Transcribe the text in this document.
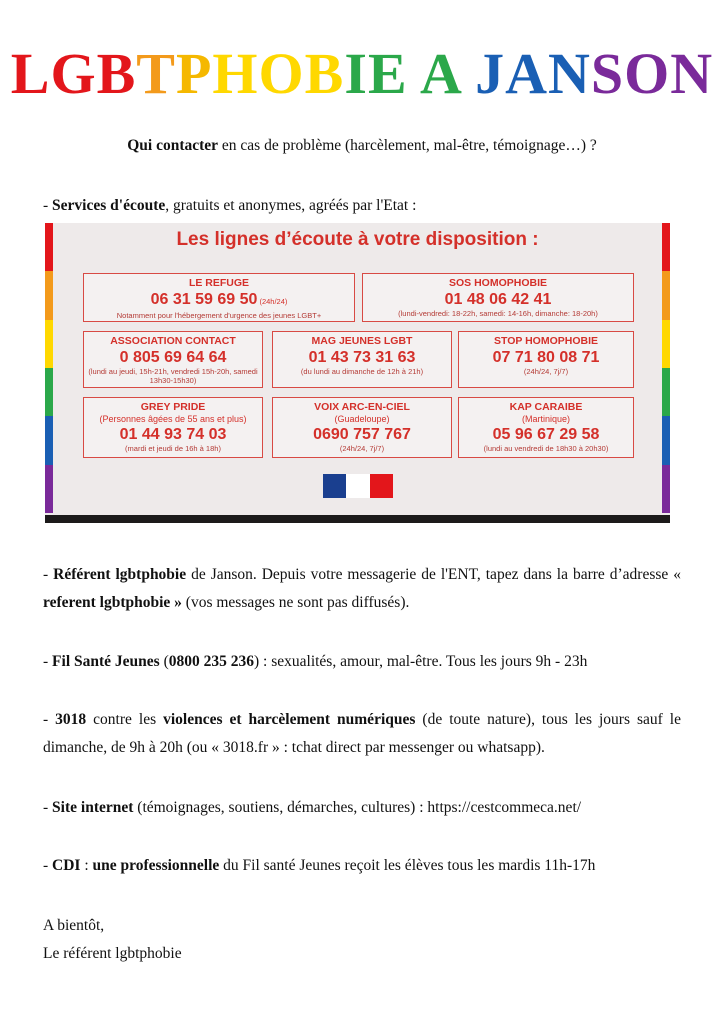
LGBTPHOBIE A JANSON
Qui contacter en cas de problème (harcèlement, mal-être, témoignage…) ?
- Services d'écoute, gratuits et anonymes, agréés par l'Etat :
Les lignes d’écoute à votre disposition :
LE REFUGE
06 31 59 69 50 (24h/24)
Notamment pour l'hébergement d'urgence des jeunes LGBT+
SOS HOMOPHOBIE
01 48 06 42 41
(lundi-vendredi: 18-22h, samedi: 14-16h, dimanche: 18-20h)
ASSOCIATION CONTACT
0 805 69 64 64
(lundi au jeudi, 15h-21h, vendredi 15h-20h, samedi 13h30-15h30)
MAG JEUNES LGBT
01 43 73 31 63
(du lundi au dimanche de 12h à 21h)
STOP HOMOPHOBIE
07 71 80 08 71
(24h/24, 7j/7)
GREY PRIDE
(Personnes âgées de 55 ans et plus)
01 44 93 74 03
(mardi et jeudi de 16h à 18h)
VOIX ARC-EN-CIEL
(Guadeloupe)
0690 757 767
(24h/24, 7j/7)
KAP CARAIBE
(Martinique)
05 96 67 29 58
(lundi au vendredi de 18h30 à 20h30)
- Référent lgbtphobie de Janson. Depuis votre messagerie de l'ENT, tapez dans la barre d’adresse « referent lgbtphobie » (vos messages ne sont pas diffusés).
- Fil Santé Jeunes (0800 235 236) : sexualités, amour, mal-être. Tous les jours 9h - 23h
- 3018 contre les violences et harcèlement numériques (de toute nature), tous les jours sauf le dimanche, de 9h à 20h (ou « 3018.fr » : tchat direct par messenger ou whatsapp).
- Site internet (témoignages, soutiens, démarches, cultures) : https://cestcommeca.net/
- CDI : une professionnelle du Fil santé Jeunes reçoit les élèves tous les mardis 11h-17h
A bientôt,
Le référent lgbtphobie
